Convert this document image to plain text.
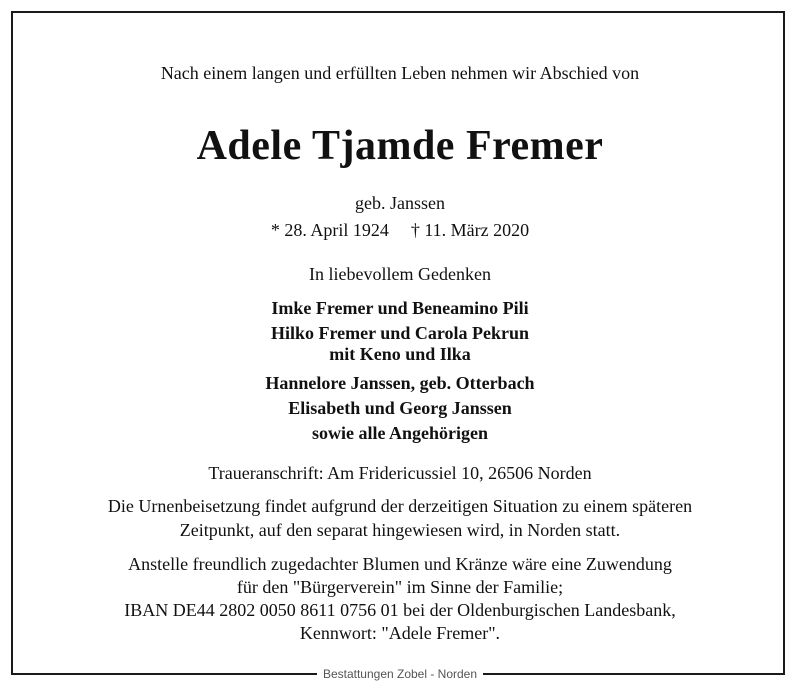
Nach einem langen und erfüllten Leben nehmen wir Abschied von
Adele Tjamde Fremer
geb. Janssen
* 28. April 1924 † 11. März 2020
In liebevollem Gedenken
Imke Fremer und Beneamino Pili
Hilko Fremer und Carola Pekrun
mit Keno und Ilka
Hannelore Janssen, geb. Otterbach
Elisabeth und Georg Janssen
sowie alle Angehörigen
Traueranschrift: Am Fridericussiel 10, 26506 Norden
Die Urnenbeisetzung findet aufgrund der derzeitigen Situation zu einem späteren
Zeitpunkt, auf den separat hingewiesen wird, in Norden statt.
Anstelle freundlich zugedachter Blumen und Kränze wäre eine Zuwendung
für den "Bürgerverein" im Sinne der Familie;
IBAN DE44 2802 0050 8611 0756 01 bei der Oldenburgischen Landesbank,
Kennwort: "Adele Fremer".
Bestattungen Zobel - Norden
